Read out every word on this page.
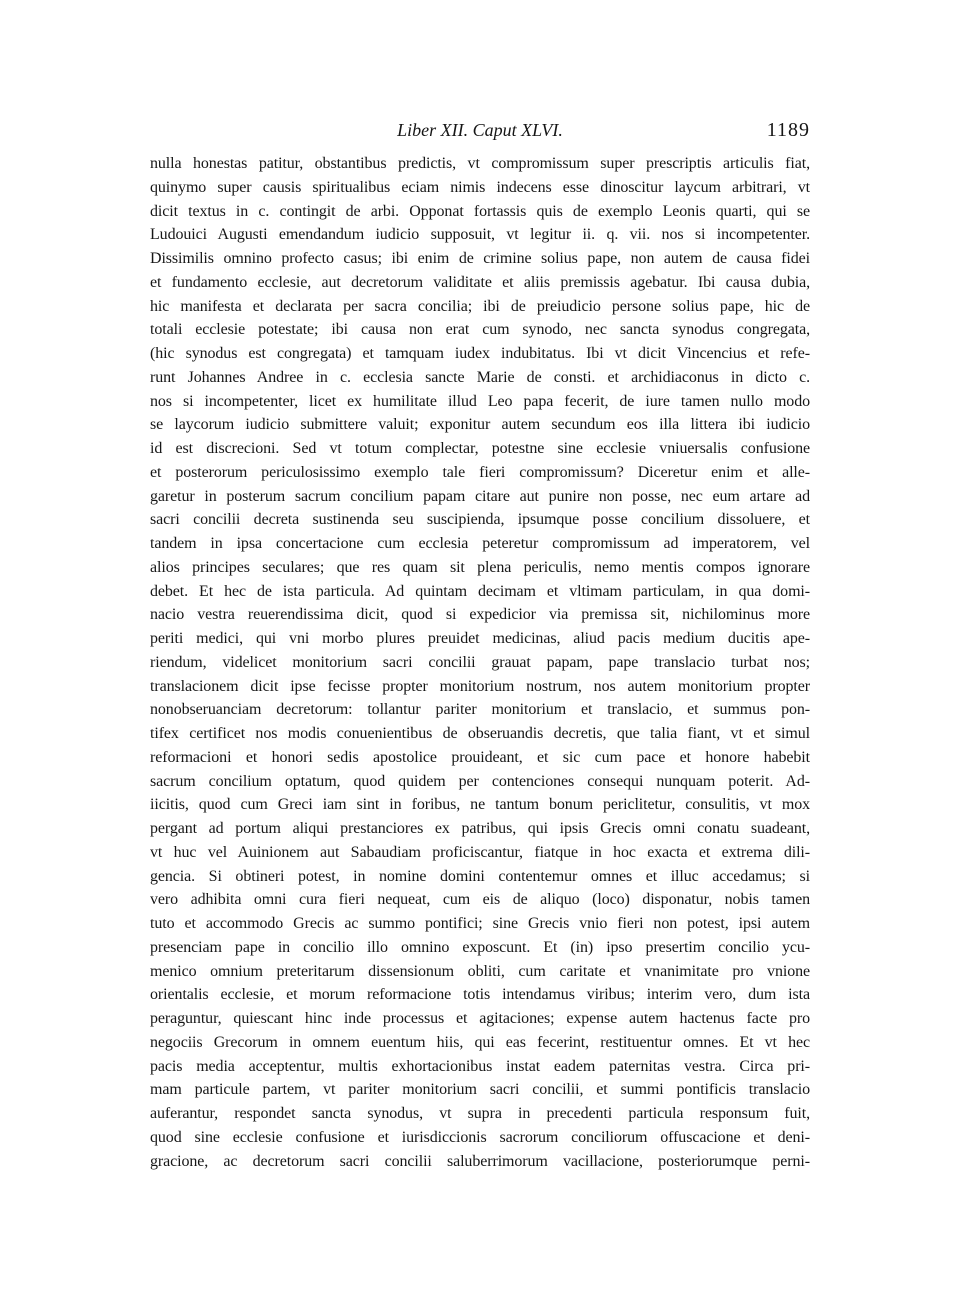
Liber XII. Caput XLVI.	1189
nulla honestas patitur, obstantibus predictis, vt compromissum super prescriptis articulis fiat,
quinymo super causis spiritualibus eciam nimis indecens esse dinoscitur laycum arbitrari, vt
dicit textus in c. contingit de arbi. Opponat fortassis quis de exemplo Leonis quarti, qui se
Ludouici Augusti emendandum iudicio supposuit, vt legitur ii. q. vii. nos si incompetenter.
Dissimilis omnino profecto casus; ibi enim de crimine solius pape, non autem de causa fidei
et fundamento ecclesie, aut decretorum validitate et aliis premissis agebatur. Ibi causa dubia,
hic manifesta et declarata per sacra concilia; ibi de preiudicio persone solius pape, hic de
totali ecclesie potestate; ibi causa non erat cum synodo, nec sancta synodus congregata,
(hic synodus est congregata) et tamquam iudex indubitatus. Ibi vt dicit Vincencius et refe-
runt Johannes Andree in c. ecclesia sancte Marie de consti. et archidiaconus in dicto c.
nos si incompetenter, licet ex humilitate illud Leo papa fecerit, de iure tamen nullo modo
se laycorum iudicio submittere valuit; exponitur autem secundum eos illa littera ibi iudicio
id est discrecioni. Sed vt totum complectar, potestne sine ecclesie vniuersalis confusione
et posterorum periculosissimo exemplo tale fieri compromissum? Diceretur enim et alle-
garetur in posterum sacrum concilium papam citare aut punire non posse, nec eum artare ad
sacri concilii decreta sustinenda seu suscipienda, ipsumque posse concilium dissoluere, et
tandem in ipsa concertacione cum ecclesia peteretur compromissum ad imperatorem, vel
alios principes seculares; que res quam sit plena periculis, nemo mentis compos ignorare
debet. Et hec de ista particula. Ad quintam decimam et vltimam particulam, in qua domi-
nacio vestra reuerendissima dicit, quod si expedicior via premissa sit, nichilominus more
periti medici, qui vni morbo plures preuidet medicinas, aliud pacis medium ducitis ape-
riendum, videlicet monitorium sacri concilii grauat papam, pape translacio turbat nos;
translacionem dicit ipse fecisse propter monitorium nostrum, nos autem monitorium propter
nonobseruanciam decretorum: tollantur pariter monitorium et translacio, et summus pon-
tifex certificet nos modis conuenientibus de obseruandis decretis, que talia fiant, vt et simul
reformacioni et honori sedis apostolice prouideant, et sic cum pace et honore habebit
sacrum concilium optatum, quod quidem per contenciones consequi nunquam poterit. Ad-
iicitis, quod cum Greci iam sint in foribus, ne tantum bonum periclitetur, consulitis, vt mox
pergant ad portum aliqui prestanciores ex patribus, qui ipsis Grecis omni conatu suadeant,
vt huc vel Auinionem aut Sabaudiam proficiscantur, fiatque in hoc exacta et extrema dili-
gencia. Si obtineri potest, in nomine domini contentemur omnes et illuc accedamus; si
vero adhibita omni cura fieri nequeat, cum eis de aliquo (loco) disponatur, nobis tamen
tuto et accommodo Grecis ac summo pontifici; sine Grecis vnio fieri non potest, ipsi autem
presenciam pape in concilio illo omnino exposcunt. Et (in) ipso presertim concilio ycu-
menico omnium preteritarum dissensionum obliti, cum caritate et vnanimitate pro vnione
orientalis ecclesie, et morum reformacione totis intendamus viribus; interim vero, dum ista
peraguntur, quiescant hinc inde processus et agitaciones; expense autem hactenus facte pro
negociis Grecorum in omnem euentum hiis, qui eas fecerint, restituentur omnes. Et vt hec
pacis media acceptentur, multis exhortacionibus instat eadem paternitas vestra. Circa pri-
mam particule partem, vt pariter monitorium sacri concilii, et summi pontificis translacio
auferantur, respondet sancta synodus, vt supra in precedenti particula responsum fuit,
quod sine ecclesie confusione et iurisdiccionis sacrorum conciliorum offuscacione et deni-
gracione, ac decretorum sacri concilii saluberrimorum vacillacione, posteriorumque perni-
